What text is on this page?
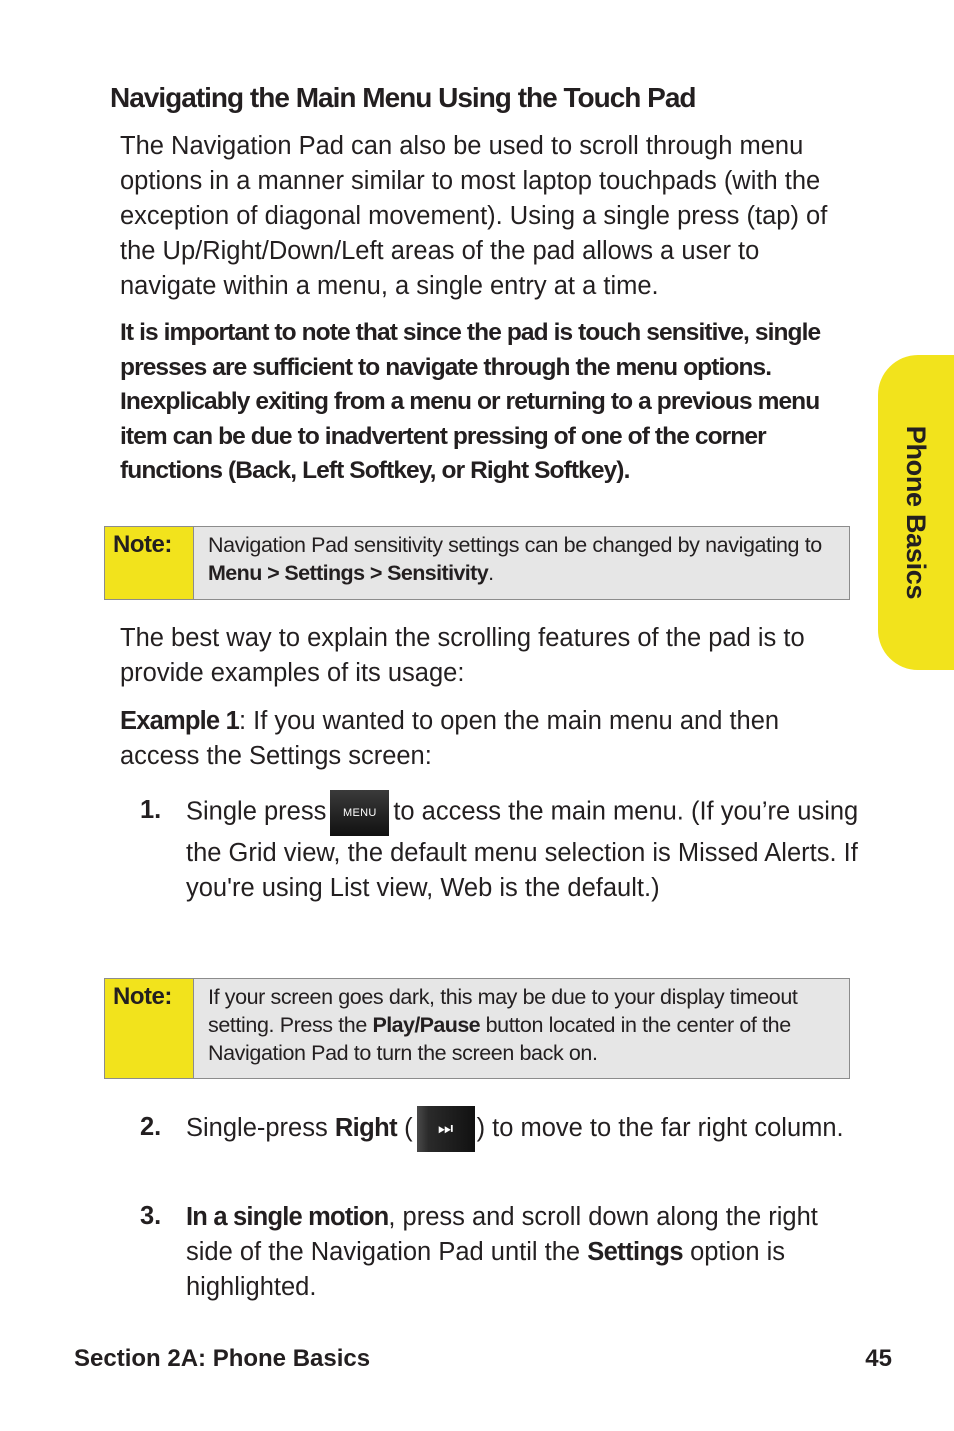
Navigating the Main Menu Using the Touch Pad

The Navigation Pad can also be used to scroll through menu options in a manner similar to most laptop touchpads (with the exception of diagonal movement). Using a single press (tap) of the Up/Right/Down/Left areas of the pad allows a user to navigate within a menu, a single entry at a time.

It is important to note that since the pad is touch sensitive, single presses are sufficient to navigate through the menu options. Inexplicably exiting from a menu or returning to a previous menu item can be due to inadvertent pressing of one of the corner functions (Back, Left Softkey, or Right Softkey).

Note:	Navigation Pad sensitivity settings can be changed by navigating to Menu > Settings > Sensitivity.

The best way to explain the scrolling features of the pad is to provide examples of its usage:

Example 1: If you wanted to open the main menu and then access the Settings screen:

1. Single press MENU to access the main menu. (If you’re using the Grid view, the default menu selection is Missed Alerts. If you're using List view, Web is the default.)

Note:	If your screen goes dark, this may be due to your display timeout setting. Press the Play/Pause button located in the center of the Navigation Pad to turn the screen back on.
2. Single-press Right ( ⏭ ) to move to the far right column.

3. In a single motion, press and scroll down along the right side of the Navigation Pad until the Settings option is highlighted.

Phone Basics
Section 2A: Phone Basics	45
